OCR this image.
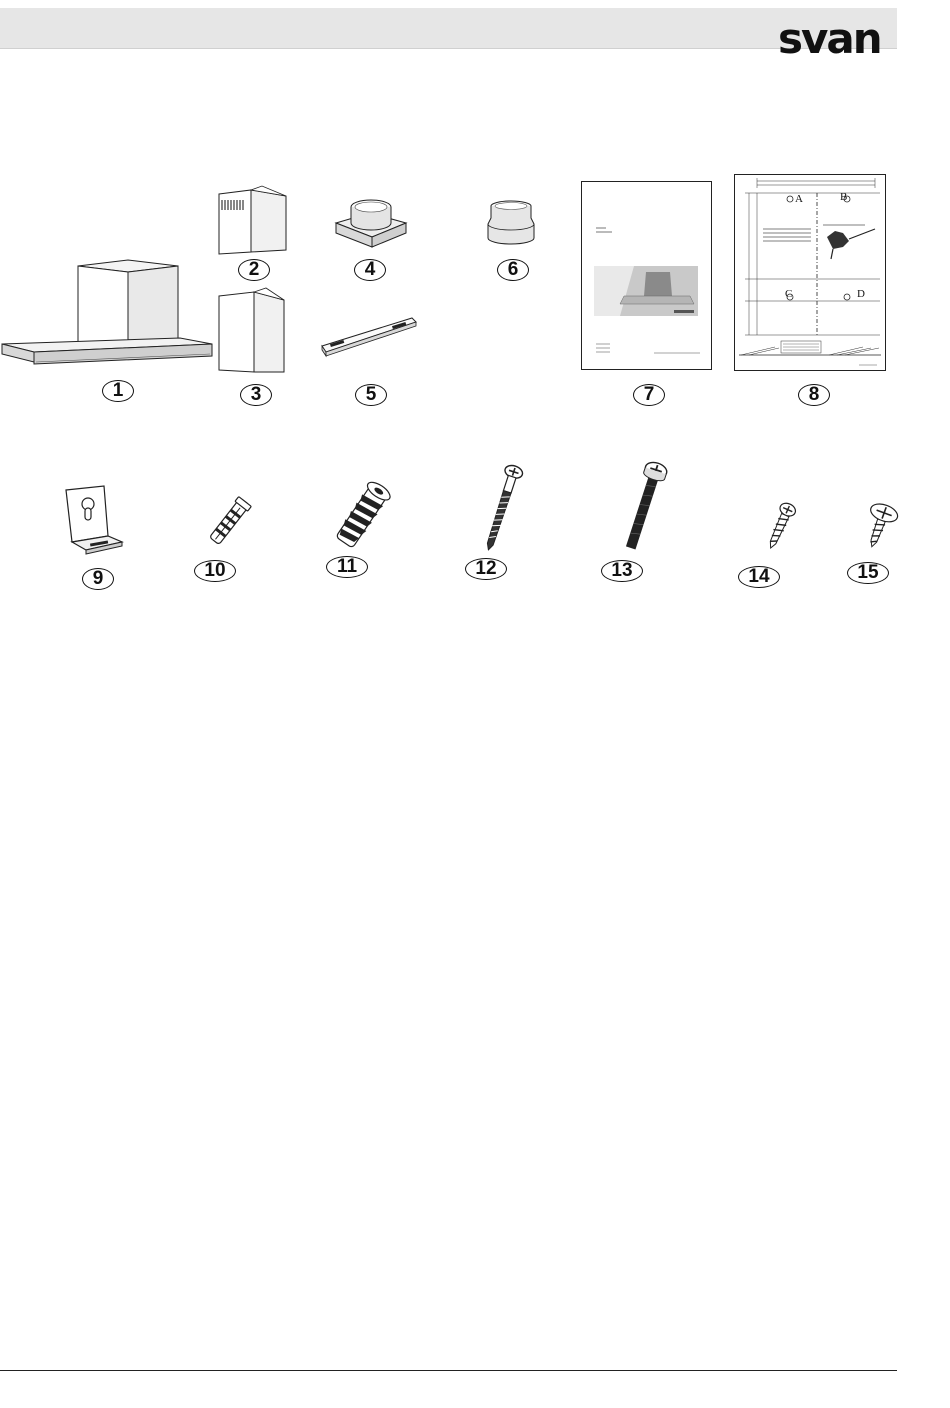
svan
1
2
3
4
5
6
7
A	B
C	D
8
9	10	11	12	13	14	15
